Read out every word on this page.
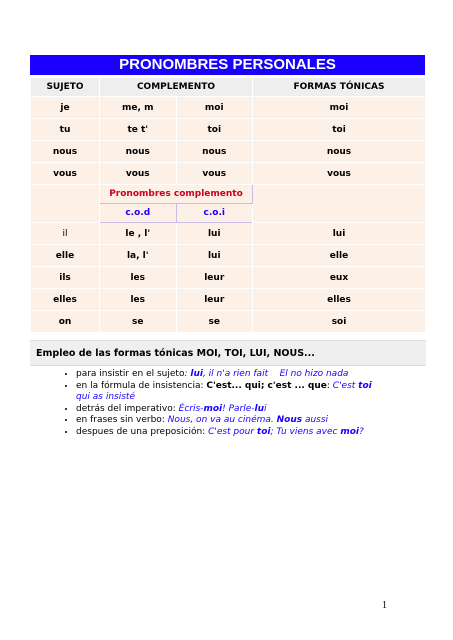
PRONOMBRES PERSONALES
SUJETO	COMPLEMENTO		FORMAS TÓNICAS
je	me, m	moi	moi
tu	te t'	toi	toi
nous	nous	nous	nous
vous	vous	vous	vous
	Pronombres complemento		
	c.o.d	c.o.i	
il	le , l'	lui	lui
elle	la, l'	lui	elle
ils	les	leur	eux
elles	les	leur	elles
on	se	se	soi
Empleo de las formas tónicas MOI, TOI, LUI, NOUS...
• para insistir en el sujeto: lui, il n'a rien fait El no hizo nada
• en la fórmula de insistencia: C'est... qui; c'est ... que: C'est toi
qui as insisté
• detrás del imperativo: Écris-moi! Parle-lui
• en frases sin verbo: Nous, on va au cinéma. Nous aussi
• despues de una preposición: C'est pour toi; Tu viens avec moi?
1
